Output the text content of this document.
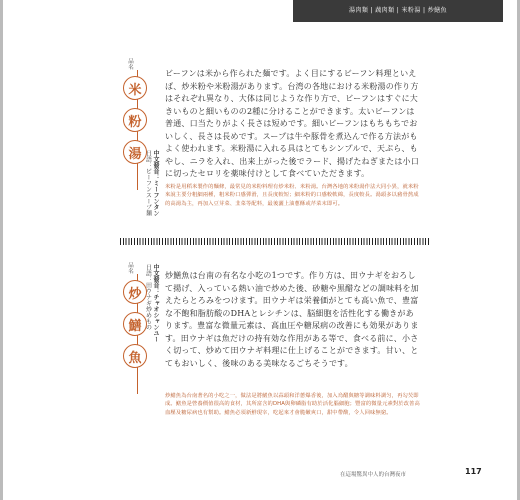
湯肉類 | 蔬肉類 | 米粉湯 | 炒鱔魚
品名
米
粉
湯	中文發音：ミーフンタン
日語：ビーフンスープ麺
ビーフンは米から作られた麺です。よく目にするビーフン料理といえば、炒米粉や米粉湯があります。台湾の各地における米粉湯の作り方はそれぞれ異なり、大体は同じような作り方で、ビーフンはすぐに大きいものと細いものの2種に分けることができます。太いビーフンは普通、口当たりがよく長さは短めです。細いビーフンはもちもちでおいしく、長さは長めです。スープは牛や豚骨を煮込んで作る方法がもよく使われます。米粉湯に入れる具はとてもシンプルで、天ぷら、もやし、ニラを入れ、出来上がった後でラード、揚げたねぎまたは小口に切ったセロリを薬味付けとして食べていただきます。
米粉是用稻米製作的麵條，最常見的米粉料理有炒米粉、米粉湯。台灣各地的米粉湯作法大同小異，就米粉來說主要分粗細兩種，粗米粉口感彈滑，且長度較短；細米粉的口感較軟綿，長度較長。湯頭多以豬骨熬成的高湯為主，再加入豆芽菜、韭菜等配料，最後灑上油蔥酥或芹菜末即可。
品名
炒
鱔
魚
中文發音：チャオシャンユー
日語：田ウナギ炒めもの	炒鱔魚は台南の有名な小吃の1つです。作り方は、田ウナギをおろして揚げ、入っている熱い油で炒めた後、砂糖や黒醋などの調味料を加えたらとろみをつけます。田ウナギは栄養価がとても高い魚で、豊富な不飽和脂肪酸のDHAとレシチンは、脳細胞を活性化する働きがあります。豊富な微量元素は、高血圧や糖尿病の改善にも効果があります。田ウナギは魚だけの持有効な作用がある等で、食べる前に、小さく切って、炒めて田ウナギ料理に仕上げることができます。甘い、とてもおいしく、後味のある美味なるごちそうです。
炒鱔魚為台南著名的小吃之一，做法是將鱔魚以蒜頭和洋蔥爆香後，加入烏醋與糖等調味料調匀，再勾芡即成。鱔魚是營養價值很高的食材，其所富含的DHA與卵磷脂有助於活化腦細胞；豐富的微量元素對於改善高血壓及糖尿病也有幫助。鱔魚必須新鮮現宰，吃起來才會脆嫩爽口，甜中帶酸，令人回味無窮。
在這場驚異中人的台灣夜市	117
